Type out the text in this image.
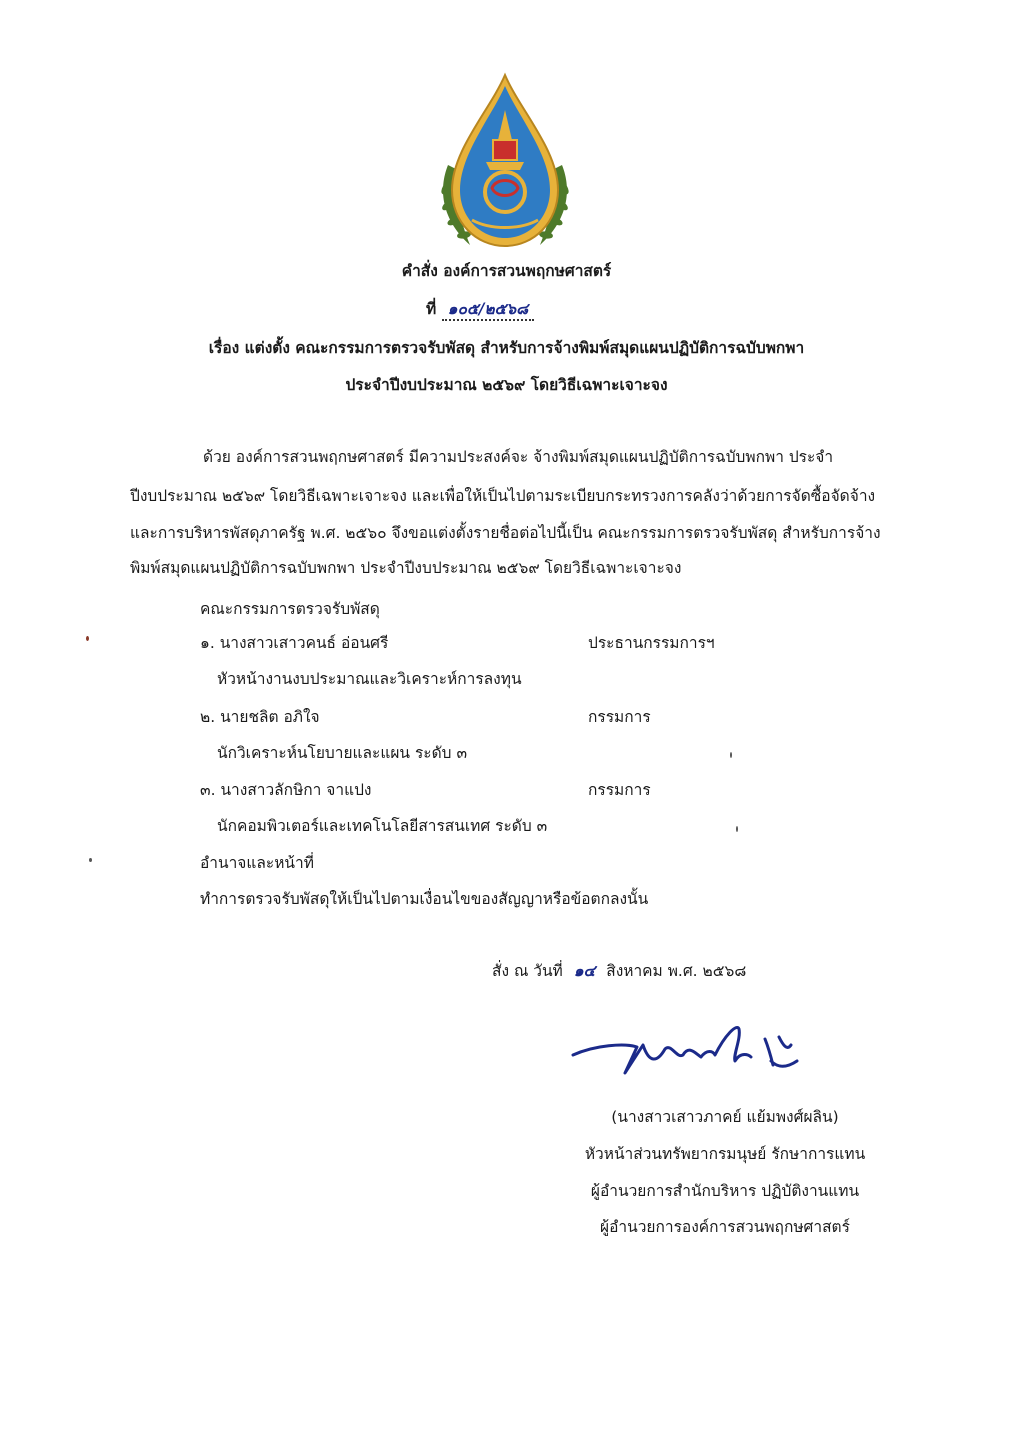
คำสั่ง องค์การสวนพฤกษศาสตร์
ที่ ๑๐๕/๒๕๖๘
เรื่อง แต่งตั้ง คณะกรรมการตรวจรับพัสดุ สำหรับการจ้างพิมพ์สมุดแผนปฏิบัติการฉบับพกพา
ประจำปีงบประมาณ ๒๕๖๙ โดยวิธีเฉพาะเจาะจง
ด้วย องค์การสวนพฤกษศาสตร์ มีความประสงค์จะ จ้างพิมพ์สมุดแผนปฏิบัติการฉบับพกพา ประจำ
ปีงบประมาณ ๒๕๖๙ โดยวิธีเฉพาะเจาะจง และเพื่อให้เป็นไปตามระเบียบกระทรวงการคลังว่าด้วยการจัดซื้อจัดจ้าง
และการบริหารพัสดุภาครัฐ พ.ศ. ๒๕๖๐ จึงขอแต่งตั้งรายชื่อต่อไปนี้เป็น คณะกรรมการตรวจรับพัสดุ สำหรับการจ้าง
พิมพ์สมุดแผนปฏิบัติการฉบับพกพา ประจำปีงบประมาณ ๒๕๖๙ โดยวิธีเฉพาะเจาะจง
คณะกรรมการตรวจรับพัสดุ
๑. นางสาวเสาวคนธ์ อ่อนศรี	ประธานกรรมการฯ
หัวหน้างานงบประมาณและวิเคราะห์การลงทุน
๒. นายชลิต อภิใจ	กรรมการ
นักวิเคราะห์นโยบายและแผน ระดับ ๓
๓. นางสาวลักษิกา จาแปง	กรรมการ
นักคอมพิวเตอร์และเทคโนโลยีสารสนเทศ ระดับ ๓
อำนาจและหน้าที่
ทำการตรวจรับพัสดุให้เป็นไปตามเงื่อนไขของสัญญาหรือข้อตกลงนั้น
สั่ง ณ วันที่ ๑๔ สิงหาคม พ.ศ. ๒๕๖๘
(นางสาวเสาวภาคย์ แย้มพงศ์ผลิน)
หัวหน้าส่วนทรัพยากรมนุษย์ รักษาการแทน
ผู้อำนวยการสำนักบริหาร ปฏิบัติงานแทน
ผู้อำนวยการองค์การสวนพฤกษศาสตร์
